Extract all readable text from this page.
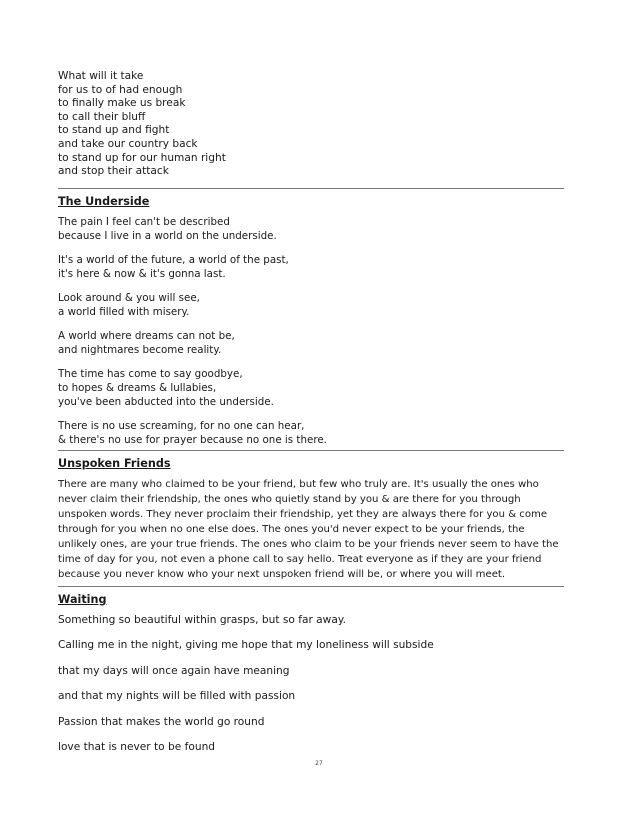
What will it take
for us to of had enough
to finally make us break
to call their bluff
to stand up and fight
and take our country back
to stand up for our human right
and stop their attack
The Underside
The pain I feel can't be described
because I live in a world on the underside.
It's a world of the future, a world of the past,
it's here & now & it's gonna last.
Look around & you will see,
a world filled with misery.
A world where dreams can not be,
and nightmares become reality.
The time has come to say goodbye,
to hopes & dreams & lullabies,
you've been abducted into the underside.
There is no use screaming, for no one can hear,
& there's no use for prayer because no one is there.
Unspoken Friends

There are many who claimed to be your friend, but few who truly are. It's usually the ones who never claim their friendship, the ones who quietly stand by you & are there for you through unspoken words. They never proclaim their friendship, yet they are always there for you & come through for you when no one else does. The ones you'd never expect to be your friends, the unlikely ones, are your true friends. The ones who claim to be your friends never seem to have the time of day for you, not even a phone call to say hello. Treat everyone as if they are your friend because you never know who your next unspoken friend will be, or where you will meet.

Waiting
Something so beautiful within grasps, but so far away.
Calling me in the night, giving me hope that my loneliness will subside
that my days will once again have meaning
and that my nights will be filled with passion
Passion that makes the world go round
love that is never to be found
27
